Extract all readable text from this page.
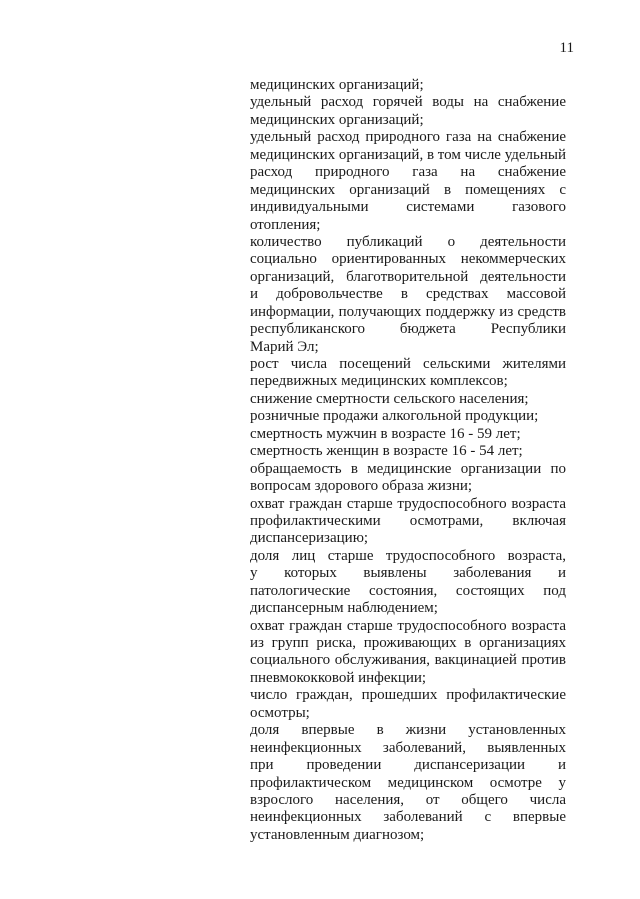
11
медицинских организаций;
удельный расход горячей воды на снабжение
медицинских организаций;
удельный расход природного газа на снабжение
медицинских организаций, в том числе удельный
расход природного газа на снабжение
медицинских организаций в помещениях с
индивидуальными системами газового
отопления;
количество публикаций о деятельности
социально ориентированных некоммерческих
организаций, благотворительной деятельности
и добровольчестве в средствах массовой
информации, получающих поддержку из средств
республиканского бюджета Республики
Марий Эл;
рост числа посещений сельскими жителями
передвижных медицинских комплексов;
снижение смертности сельского населения;
розничные продажи алкогольной продукции;
смертность мужчин в возрасте 16 - 59 лет;
смертность женщин в возрасте 16 - 54 лет;
обращаемость в медицинские организации по
вопросам здорового образа жизни;
охват граждан старше трудоспособного возраста
профилактическими осмотрами, включая
диспансеризацию;
доля лиц старше трудоспособного возраста,
у которых выявлены заболевания и
патологические состояния, состоящих под
диспансерным наблюдением;
охват граждан старше трудоспособного возраста
из групп риска, проживающих в организациях
социального обслуживания, вакцинацией против
пневмококковой инфекции;
число граждан, прошедших профилактические
осмотры;
доля впервые в жизни установленных
неинфекционных заболеваний, выявленных
при проведении диспансеризации и
профилактическом медицинском осмотре у
взрослого населения, от общего числа
неинфекционных заболеваний с впервые
установленным диагнозом;
